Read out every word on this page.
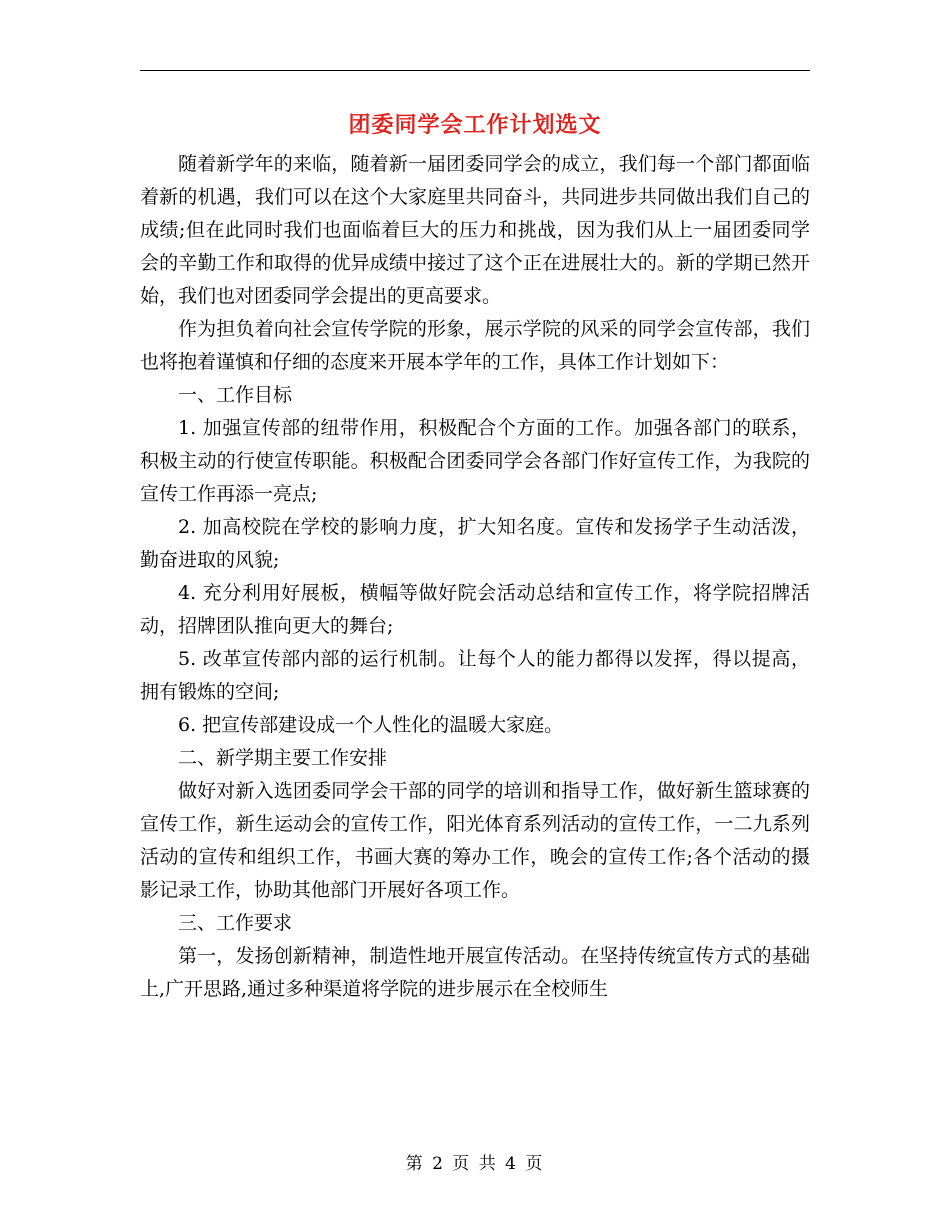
团委同学会工作计划选文

随着新学年的来临，随着新一届团委同学会的成立，我们每一个部门都面临着新的机遇，我们可以在这个大家庭里共同奋斗，共同进步共同做出我们自己的成绩;但在此同时我们也面临着巨大的压力和挑战，因为我们从上一届团委同学会的辛勤工作和取得的优异成绩中接过了这个正在进展壮大的。新的学期已然开始，我们也对团委同学会提出的更高要求。

作为担负着向社会宣传学院的形象，展示学院的风采的同学会宣传部，我们也将抱着谨慎和仔细的态度来开展本学年的工作，具体工作计划如下：

一、工作目标

1. 加强宣传部的纽带作用，积极配合个方面的工作。加强各部门的联系，积极主动的行使宣传职能。积极配合团委同学会各部门作好宣传工作，为我院的宣传工作再添一亮点;

2. 加高校院在学校的影响力度，扩大知名度。宣传和发扬学子生动活泼，勤奋进取的风貌;

4. 充分利用好展板，横幅等做好院会活动总结和宣传工作，将学院招牌活动，招牌团队推向更大的舞台;

5. 改革宣传部内部的运行机制。让每个人的能力都得以发挥，得以提高，拥有锻炼的空间;

6. 把宣传部建设成一个人性化的温暖大家庭。

二、新学期主要工作安排

做好对新入选团委同学会干部的同学的培训和指导工作，做好新生篮球赛的宣传工作，新生运动会的宣传工作，阳光体育系列活动的宣传工作，一二九系列活动的宣传和组织工作，书画大赛的筹办工作，晚会的宣传工作;各个活动的摄影记录工作，协助其他部门开展好各项工作。

三、工作要求

第一，发扬创新精神，制造性地开展宣传活动。在坚持传统宣传方式的基础上,广开思路,通过多种渠道将学院的进步展示在全校师生

第 2 页 共 4 页
